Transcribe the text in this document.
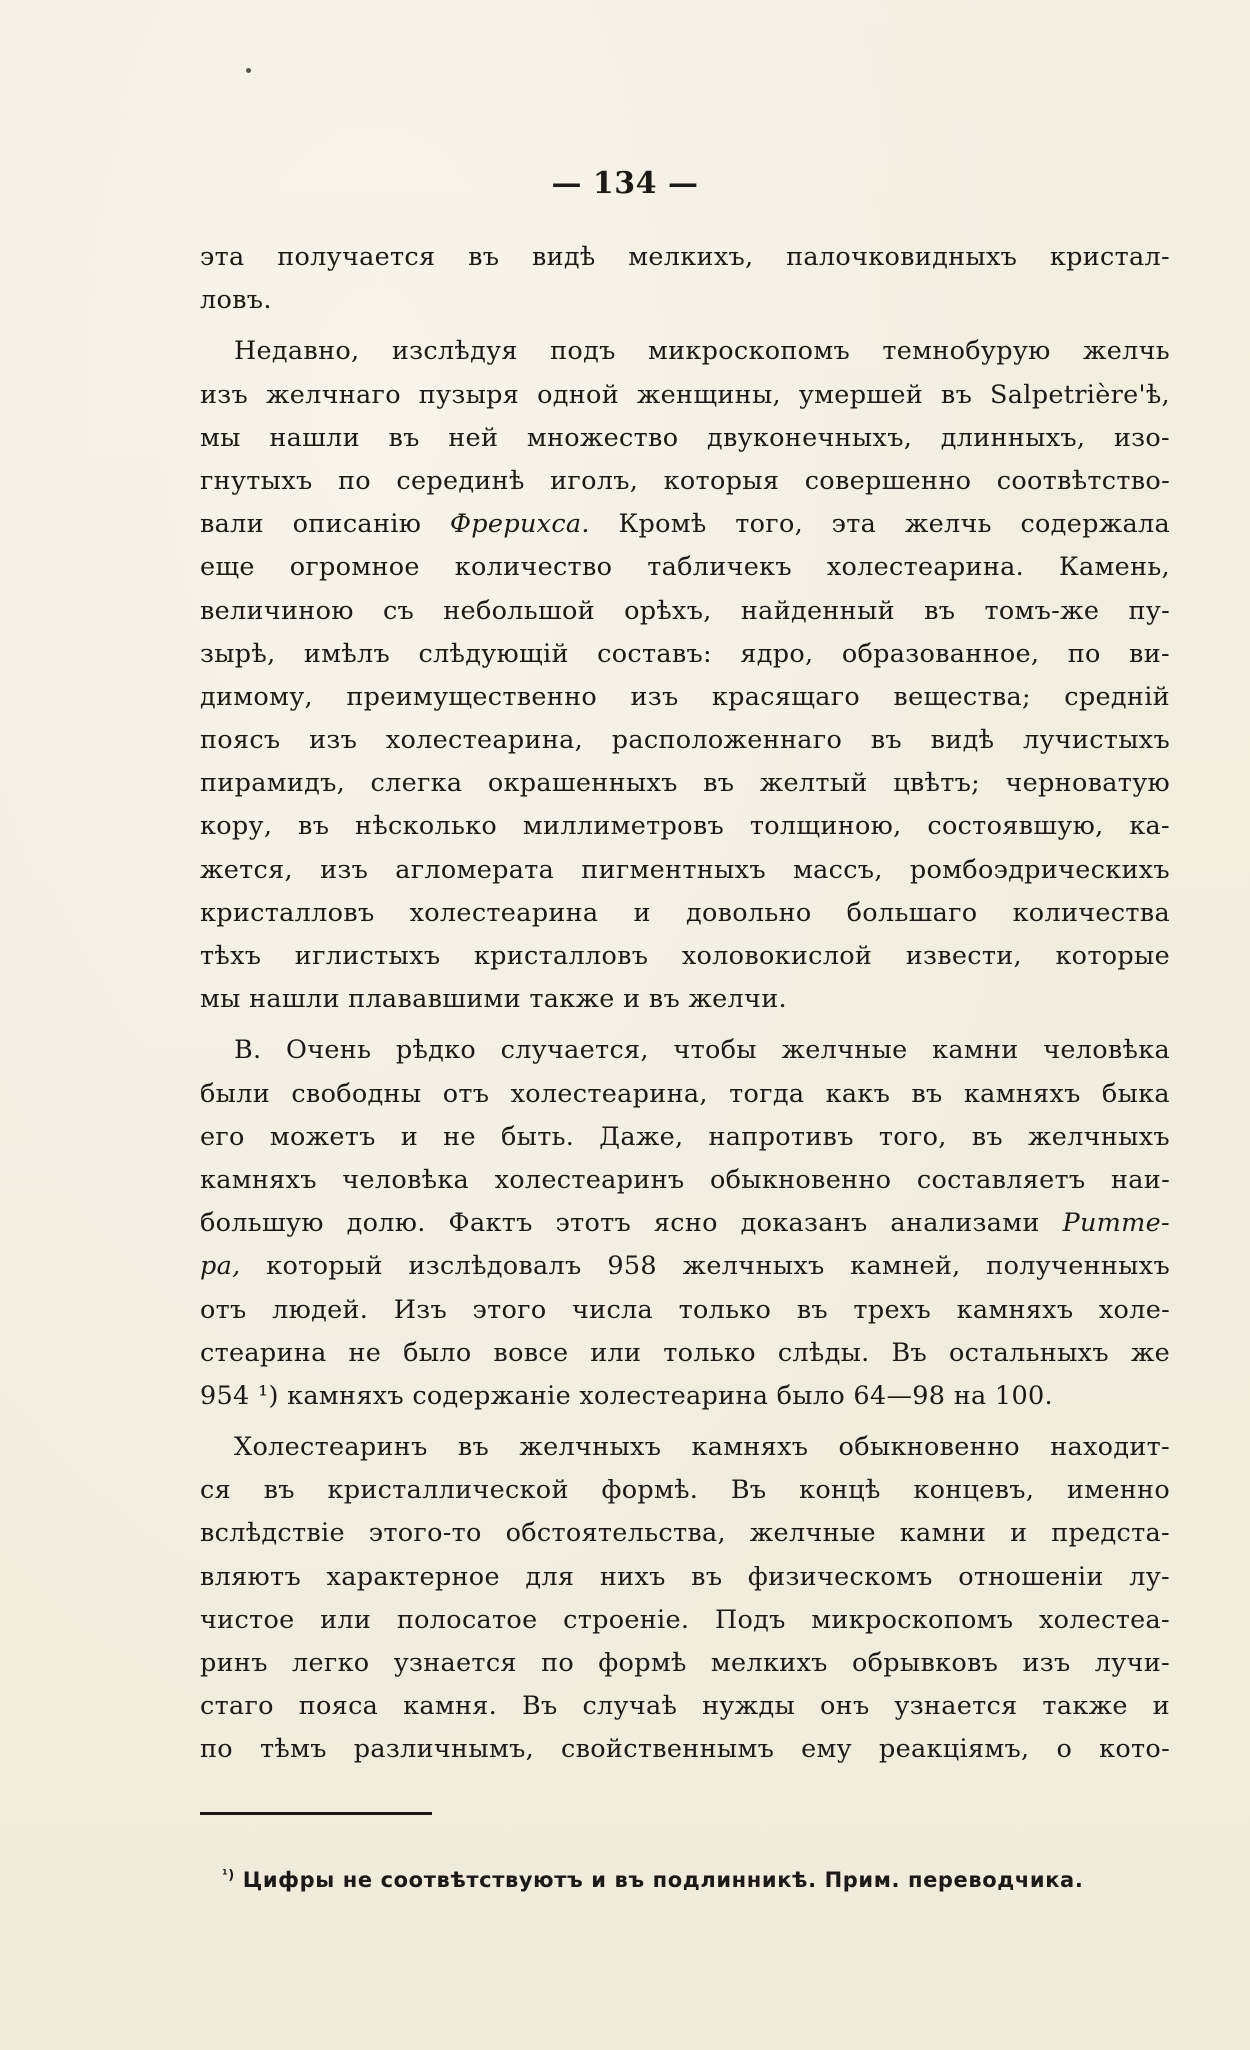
— 134 —
эта получается въ видѣ мелкихъ, палочковидныхъ кристал-
ловъ.
Недавно, изслѣдуя подъ микроскопомъ темнобурую желчь
изъ желчнаго пузыря одной женщины, умершей въ Salpetrière'ѣ,
мы нашли въ ней множество двуконечныхъ, длинныхъ, изо-
гнутыхъ по серединѣ иголъ, которыя совершенно соотвѣтство-
вали описанію Фрерихса. Кромѣ того, эта желчь содержала
еще огромное количество табличекъ холестеарина. Камень,
величиною съ небольшой орѣхъ, найденный въ томъ-же пу-
зырѣ, имѣлъ слѣдующій составъ: ядро, образованное, по ви-
димому, преимущественно изъ красящаго вещества; средній
поясъ изъ холестеарина, расположеннаго въ видѣ лучистыхъ
пирамидъ, слегка окрашенныхъ въ желтый цвѣтъ; черноватую
кору, въ нѣсколько миллиметровъ толщиною, состоявшую, ка-
жется, изъ агломерата пигментныхъ массъ, ромбоэдрическихъ
кристалловъ холестеарина и довольно большаго количества
тѣхъ иглистыхъ кристалловъ холовокислой извести, которые
мы нашли плававшими также и въ желчи.
B. Очень рѣдко случается, чтобы желчные камни человѣка
были свободны отъ холестеарина, тогда какъ въ камняхъ быка
его можетъ и не быть. Даже, напротивъ того, въ желчныхъ
камняхъ человѣка холестеаринъ обыкновенно составляетъ наи-
большую долю. Фактъ этотъ ясно доказанъ анализами Ритте-
ра, который изслѣдовалъ 958 желчныхъ камней, полученныхъ
отъ людей. Изъ этого числа только въ трехъ камняхъ холе-
стеарина не было вовсе или только слѣды. Въ остальныхъ же
954 ¹) камняхъ содержаніе холестеарина было 64—98 на 100.
Холестеаринъ въ желчныхъ камняхъ обыкновенно находит-
ся въ кристаллической формѣ. Въ концѣ концевъ, именно
вслѣдствіе этого-то обстоятельства, желчные камни и предста-
вляютъ характерное для нихъ въ физическомъ отношеніи лу-
чистое или полосатое строеніе. Подъ микроскопомъ холестеа-
ринъ легко узнается по формѣ мелкихъ обрывковъ изъ лучи-
стаго пояса камня. Въ случаѣ нужды онъ узнается также и
по тѣмъ различнымъ, свойственнымъ ему реакціямъ, о кото-
$^{^1)}$ Цифры не соотвѣтствуютъ и въ подлинникѣ. Прим. переводчика.
